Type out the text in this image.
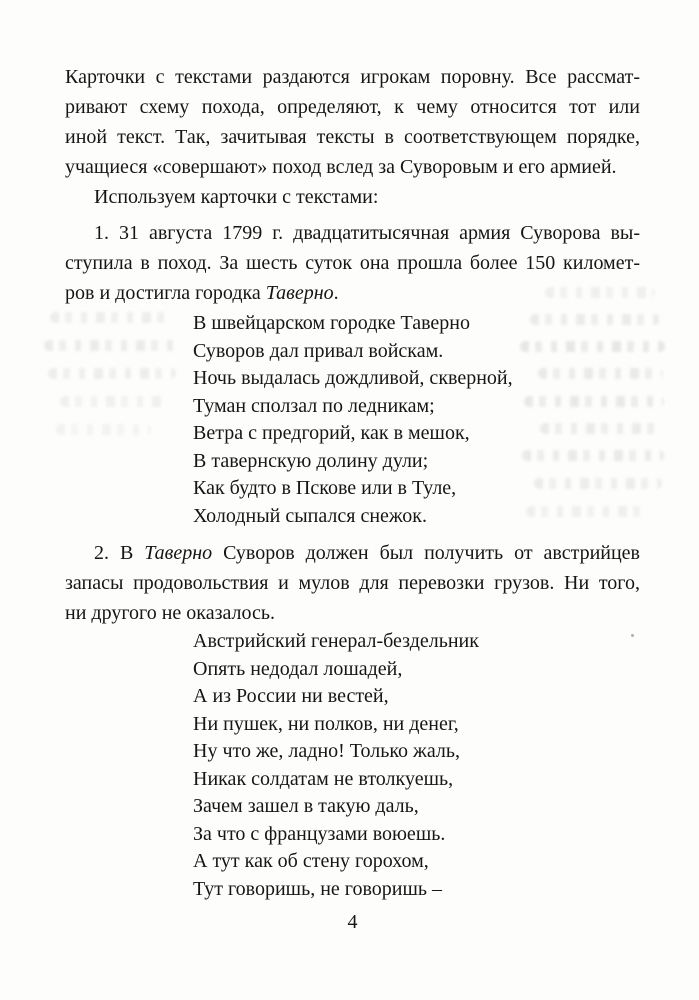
Карточки с текстами раздаются игрокам поровну. Все рассмат-
ривают схему похода, определяют, к чему относится тот или
иной текст. Так, зачитывая тексты в соответствующем порядке,
учащиеся «совершают» поход вслед за Суворовым и его армией.
Используем карточки с текстами:
1. 31 августа 1799 г. двадцатитысячная армия Суворова вы-
ступила в поход. За шесть суток она прошла более 150 километ-
ров и достигла городка Таверно.
В швейцарском городке Таверно
Суворов дал привал войскам.
Ночь выдалась дождливой, скверной,
Туман сползал по ледникам;
Ветра с предгорий, как в мешок,
В тавернскую долину дули;
Как будто в Пскове или в Туле,
Холодный сыпался снежок.
2. В Таверно Суворов должен был получить от австрийцев
запасы продовольствия и мулов для перевозки грузов. Ни того,
ни другого не оказалось.
Австрийский генерал-бездельник
Опять недодал лошадей,
А из России ни вестей,
Ни пушек, ни полков, ни денег,
Ну что же, ладно! Только жаль,
Никак солдатам не втолкуешь,
Зачем зашел в такую даль,
За что с французами воюешь.
А тут как об стену горохом,
Тут говоришь, не говоришь –
4
